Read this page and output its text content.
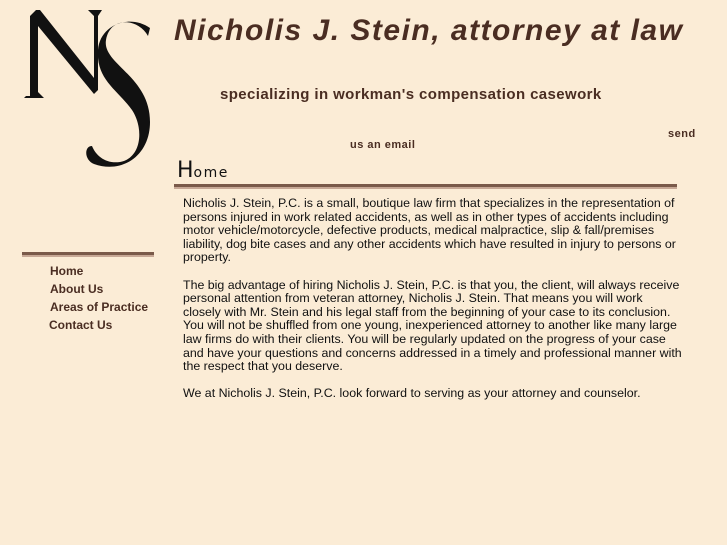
Nicholis J. Stein, attorney at law
specializing in workman's compensation casework
send
us an email
Home
Home
About Us
Areas of Practice
Contact Us

Nicholis J. Stein, P.C. is a small, boutique law firm that specializes in the representation of persons injured in work related accidents, as well as in other types of accidents including motor vehicle/motorcycle, defective products, medical malpractice, slip & fall/premises liability, dog bite cases and any other accidents which have resulted in injury to persons or property.

The big advantage of hiring Nicholis J. Stein, P.C. is that you, the client, will always receive personal attention from veteran attorney, Nicholis J. Stein. That means you will work closely with Mr. Stein and his legal staff from the beginning of your case to its conclusion. You will not be shuffled from one young, inexperienced attorney to another like many large law firms do with their clients. You will be regularly updated on the progress of your case and have your questions and concerns addressed in a timely and professional manner with the respect that you deserve.

We at Nicholis J. Stein, P.C. look forward to serving as your attorney and counselor.
